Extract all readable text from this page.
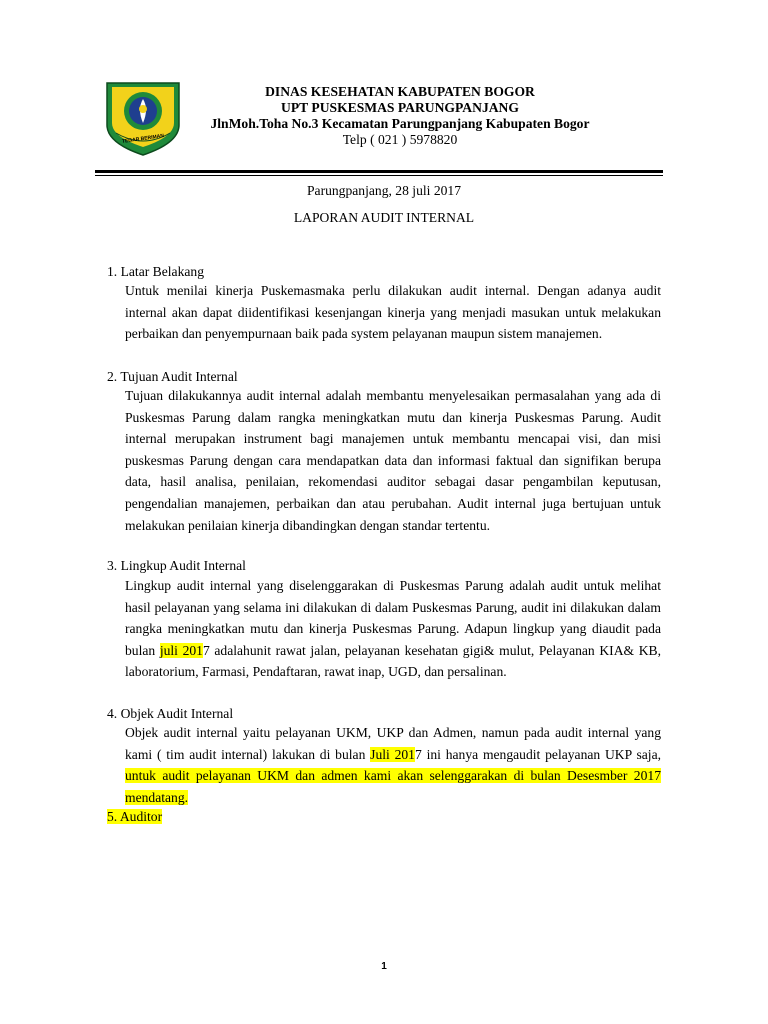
TEGAR BERIMAN
DINAS KESEHATAN KABUPATEN BOGOR
UPT PUSKESMAS PARUNGPANJANG
JlnMoh.Toha No.3 Kecamatan Parungpanjang Kabupaten Bogor
Telp ( 021 ) 5978820
Parungpanjang, 28 juli 2017
LAPORAN AUDIT INTERNAL
1. Latar Belakang
Untuk menilai kinerja Puskemasmaka perlu dilakukan audit internal. Dengan adanya audit internal akan dapat diidentifikasi kesenjangan kinerja yang menjadi masukan untuk melakukan perbaikan dan penyempurnaan baik pada system pelayanan maupun sistem manajemen.
2. Tujuan Audit Internal
Tujuan dilakukannya audit internal adalah membantu menyelesaikan permasalahan yang ada di Puskesmas Parung dalam rangka meningkatkan mutu dan kinerja Puskesmas Parung. Audit internal merupakan instrument bagi manajemen untuk membantu mencapai visi, dan misi puskesmas Parung dengan cara mendapatkan data dan informasi faktual dan signifikan berupa data, hasil analisa, penilaian, rekomendasi auditor sebagai dasar pengambilan keputusan, pengendalian manajemen, perbaikan dan atau perubahan. Audit internal juga bertujuan untuk melakukan penilaian kinerja dibandingkan dengan standar tertentu.
3. Lingkup Audit Internal
Lingkup audit internal yang diselenggarakan di Puskesmas Parung adalah audit untuk melihat hasil pelayanan yang selama ini dilakukan di dalam Puskesmas Parung, audit ini dilakukan dalam rangka meningkatkan mutu dan kinerja Puskesmas Parung. Adapun lingkup yang diaudit pada bulan juli 2017 adalahunit rawat jalan, pelayanan kesehatan gigi& mulut, Pelayanan KIA& KB, laboratorium, Farmasi, Pendaftaran, rawat inap, UGD, dan persalinan.
4. Objek Audit Internal
Objek audit internal yaitu pelayanan UKM, UKP dan Admen, namun pada audit internal yang kami ( tim audit internal) lakukan di bulan Juli 2017 ini hanya mengaudit pelayanan UKP saja, untuk audit pelayanan UKM dan admen kami akan selenggarakan di bulan Desesmber 2017 mendatang.
5. Auditor
1
